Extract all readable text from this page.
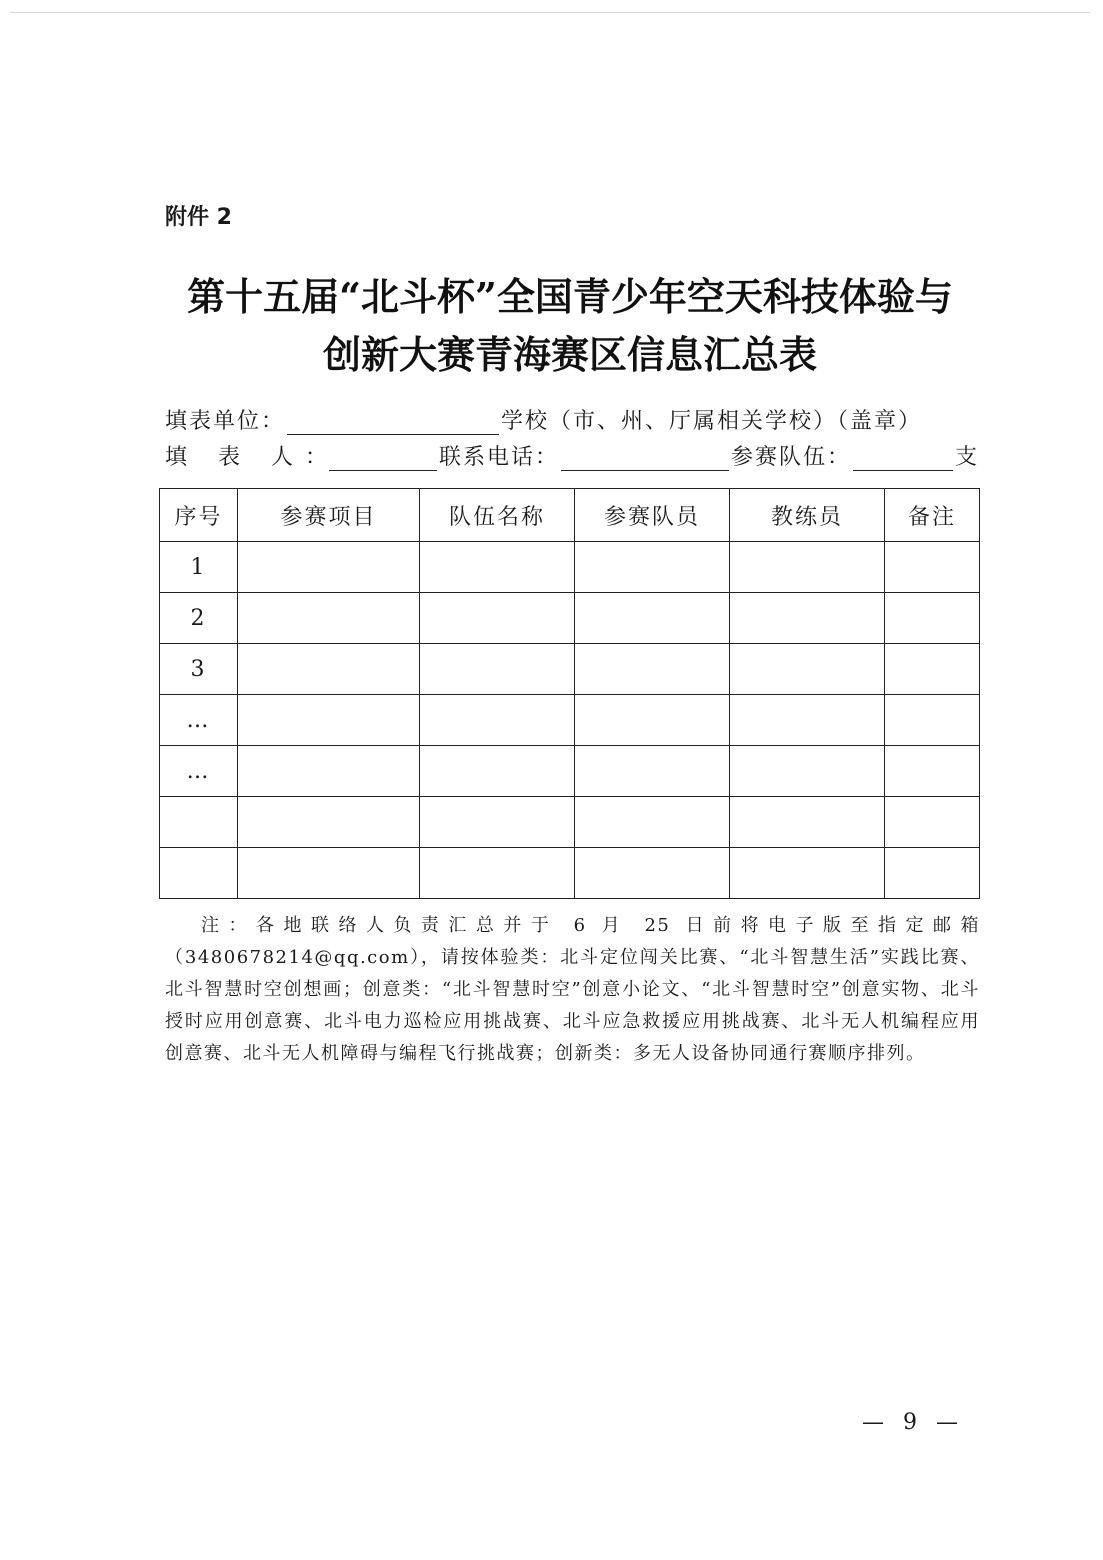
附件 2
第十五届“北斗杯”全国青少年空天科技体验与
创新大赛青海赛区信息汇总表
填表单位：	学校（市、州、厅属相关学校）（盖章）
填 表 人：	联系电话：	参赛队伍：	支
序号	参赛项目	队伍名称	参赛队员	教练员	备注
1					
2					
3					
…					
…					

注：各地联络人负责汇总并于 6 月 25 日前将电子版至指定邮箱（3480678214@qq.com），请按体验类：北斗定位闯关比赛、“北斗智慧生活”实践比赛、北斗智慧时空创想画；创意类：“北斗智慧时空”创意小论文、“北斗智慧时空”创意实物、北斗授时应用创意赛、北斗电力巡检应用挑战赛、北斗应急救援应用挑战赛、北斗无人机编程应用创意赛、北斗无人机障碍与编程飞行挑战赛；创新类：多无人设备协同通行赛顺序排列。
— 9 —
